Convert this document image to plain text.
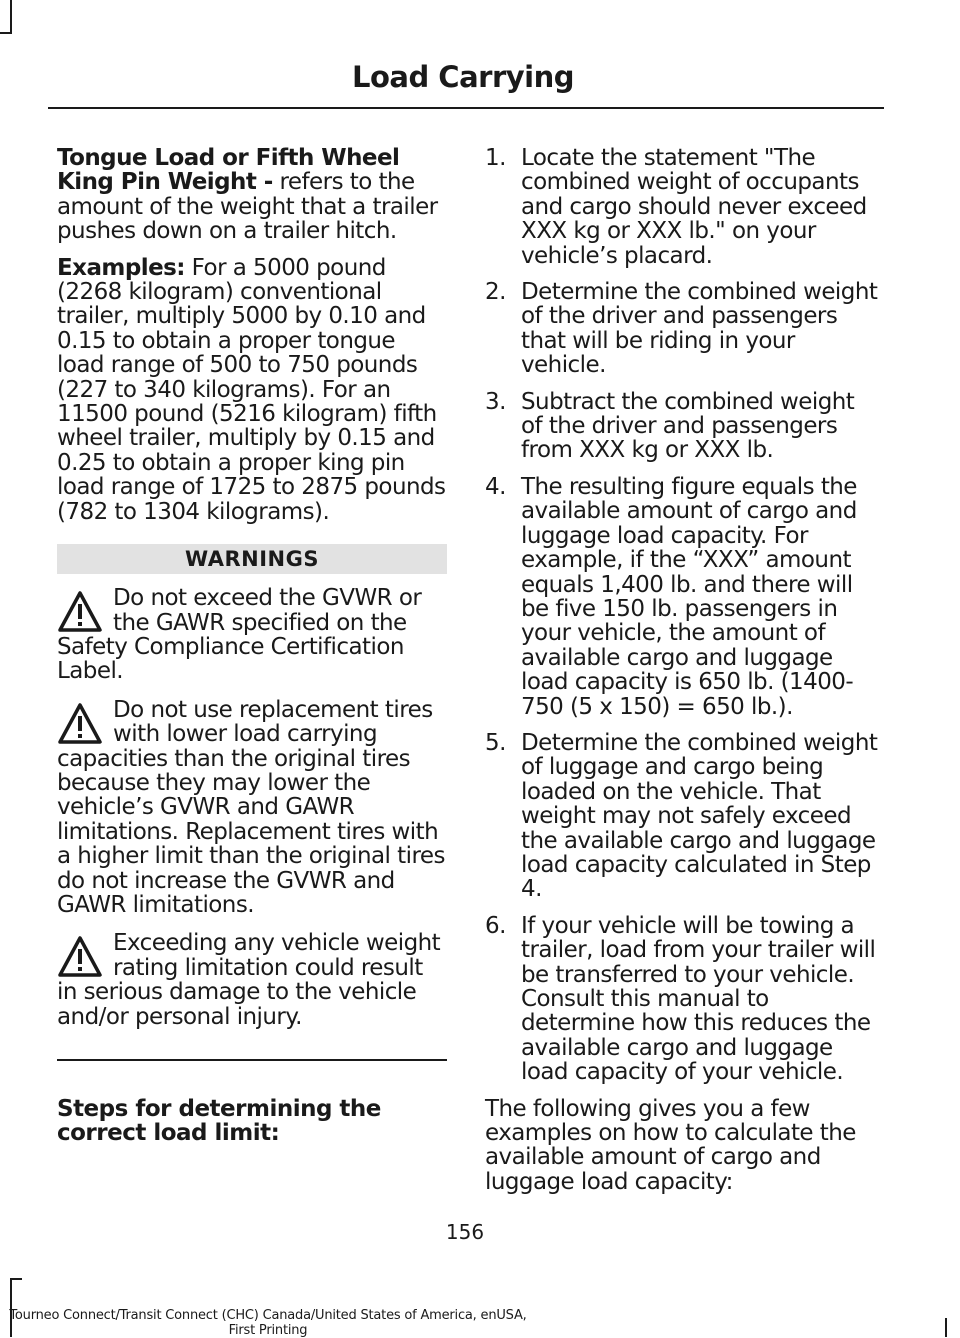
Load Carrying

Tongue Load or Fifth Wheel King Pin Weight - refers to the amount of the weight that a trailer pushes down on a trailer hitch.

Examples: For a 5000 pound (2268 kilogram) conventional trailer, multiply 5000 by 0.10 and 0.15 to obtain a proper tongue load range of 500 to 750 pounds (227 to 340 kilograms). For an 11500 pound (5216 kilogram) fifth wheel trailer, multiply by 0.15 and 0.25 to obtain a proper king pin load range of 1725 to 2875 pounds (782 to 1304 kilograms).

WARNINGS
Do not exceed the GVWR or the GAWR specified on the Safety Compliance Certification Label.
Do not use replacement tires with lower load carrying capacities than the original tires because they may lower the vehicle’s GVWR and GAWR limitations. Replacement tires with a higher limit than the original tires do not increase the GVWR and GAWR limitations.
Exceeding any vehicle weight rating limitation could result in serious damage to the vehicle and/or personal injury.

Steps for determining the correct load limit:

1. Locate the statement "The combined weight of occupants and cargo should never exceed XXX kg or XXX lb." on your vehicle’s placard.
2. Determine the combined weight of the driver and passengers that will be riding in your vehicle.
3. Subtract the combined weight of the driver and passengers from XXX kg or XXX lb.
4. The resulting figure equals the available amount of cargo and luggage load capacity. For example, if the “XXX” amount equals 1,400 lb. and there will be five 150 lb. passengers in your vehicle, the amount of available cargo and luggage load capacity is 650 lb. (1400-750 (5 x 150) = 650 lb.).
5. Determine the combined weight of luggage and cargo being loaded on the vehicle. That weight may not safely exceed the available cargo and luggage load capacity calculated in Step 4.
6. If your vehicle will be towing a trailer, load from your trailer will be transferred to your vehicle. Consult this manual to determine how this reduces the available cargo and luggage load capacity of your vehicle.

The following gives you a few examples on how to calculate the available amount of cargo and luggage load capacity:

156
Tourneo Connect/Transit Connect (CHC) Canada/United States of America, enUSA, First Printing
